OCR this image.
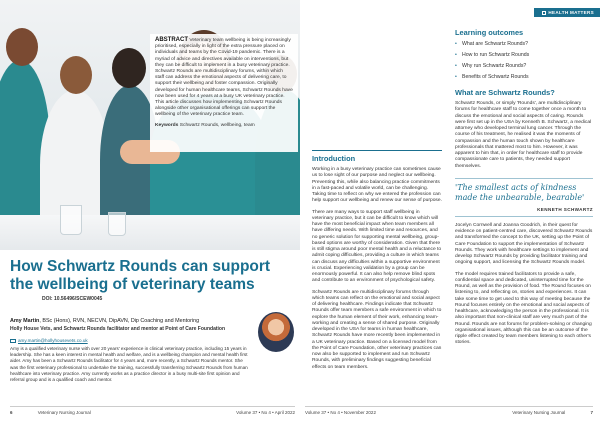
How Schwartz Rounds can support the wellbeing of veterinary teams
DOI: 10.56496/SCEW0045
Amy Martin, BSc (Hons), RVN, NECVN, DipAVN, Dip Coaching and Mentoring
Holly House Vets, and Schwartz Rounds facilitator and mentor at Point of Care Foundation
amy.martin@hollyhousevets.co.uk

Amy is a qualified veterinary nurse with over 20 years' experience in clinical veterinary practice, including 15 years in leadership. She has a keen interest in mental health and welfare, and is a wellbeing champion and mental health first aider. Amy has been a Schwartz Rounds facilitator for 4 years and, more recently, a Schwartz Rounds mentor. She was the first veterinary professional to undertake the training, successfully transferring Schwartz Rounds from human healthcare into veterinary practice. Amy currently works as a practice director in a busy multi-site first opinion and referral group and is a qualified coach and mentor.

6	Veterinary Nursing Journal	Volume 37 • No 4 • April 2022
HEALTH MATTERS

ABSTRACT Veterinary team wellbeing is being increasingly prioritised, especially in light of the extra pressure placed on individuals and teams by the Covid-19 pandemic. There is a myriad of advice and directives available on interventions, but they can be difficult to implement in a busy veterinary practice. Schwartz Rounds are multidisciplinary forums, within which staff can address the emotional aspects of delivering care, to support their wellbeing and foster compassion. Originally developed for human healthcare teams, Schwartz Rounds have now been used for 4 years at a busy UK veterinary practice. This article discusses how implementing Schwartz Rounds alongside other organisational offerings can support the wellbeing of the veterinary practice team.

Keywords Schwartz Rounds, wellbeing, team

Introduction

Working in a busy veterinary practice can sometimes cause us to lose sight of our purpose and neglect our wellbeing. Preventing this, while also balancing practice commitments in a fast-paced and volatile world, can be challenging. Taking time to reflect on why we entered the profession can help support our wellbeing and renew our sense of purpose.

There are many ways to support staff wellbeing in veterinary practice, but it can be difficult to know which will have the most beneficial impact when team members all have differing needs. With limited time and resources, and no generic solution for supporting mental wellbeing, group-based options are worthy of consideration. Given that there is still stigma around poor mental health and a reluctance to admit coping difficulties, providing a culture in which teams can discuss any difficulties within a supportive environment is crucial. Experiencing validation by a group can be enormously powerful. It can also help remove blind spots and contribute to an environment of psychological safety.

Schwartz Rounds are multidisciplinary forums through which teams can reflect on the emotional and social aspect of delivering healthcare. Findings indicate that Schwartz Rounds offer team members a safe environment in which to explore the human element of their work, enhancing team-working and creating a sense of shared purpose. Originally developed in the USA for teams in human healthcare, Schwartz Rounds have more recently been implemented in a UK veterinary practice. Based on a licensed model from the Point of Care Foundation, other veterinary practices can now also be supported to implement and run Schwartz Rounds, with preliminary findings suggesting beneficial effects on team members.

Learning outcomes
• What are Schwartz Rounds?
• How to run Schwartz Rounds
• Why run Schwartz Rounds?
• Benefits of Schwartz Rounds
What are Schwartz Rounds?

Schwartz Rounds, or simply 'Rounds', are multidisciplinary forums for healthcare staff to come together once a month to discuss the emotional and social aspects of caring. Rounds were first set up in the USA by Kenneth B. Schwartz, a medical attorney who developed terminal lung cancer. Through the course of his treatment, he realised it was the moments of compassion and the human touch shown by healthcare professionals that mattered most to him. However, it was apparent to him that, in order for healthcare staff to provide compassionate care to patients, they needed support themselves.

'The smallest acts of kindness made the unbearable, bearable'
KENNETH SCHWARTZ

Jocelyn Cornwell and Joanna Goodrich, in their quest for evidence on patient-centred care, discovered Schwartz Rounds and transformed the concept to the UK, setting up the Point of Care Foundation to support the implementation of Schwartz Rounds. They work with healthcare settings to implement and develop Schwartz Rounds by providing facilitator training and ongoing support, and licensing the Schwartz Rounds model.

The model requires trained facilitators to provide a safe, confidential space and dedicated, uninterrupted time for the Round, as well as the provision of food. The Round focuses on listening to, and reflecting on, stories and experiences. It can take some time to get used to this way of meeting because the Round focuses entirely on the emotional and social aspects of healthcare, acknowledging the person in the professional. It is also important that non-clinical staff are very much part of the Round. Rounds are not forums for problem-solving or changing organisational issues, although this can be an outcome of the ripple effect created by team members listening to each other's stories.

Volume 37 • No 4 • November 2022	Veterinary Nursing Journal	7
